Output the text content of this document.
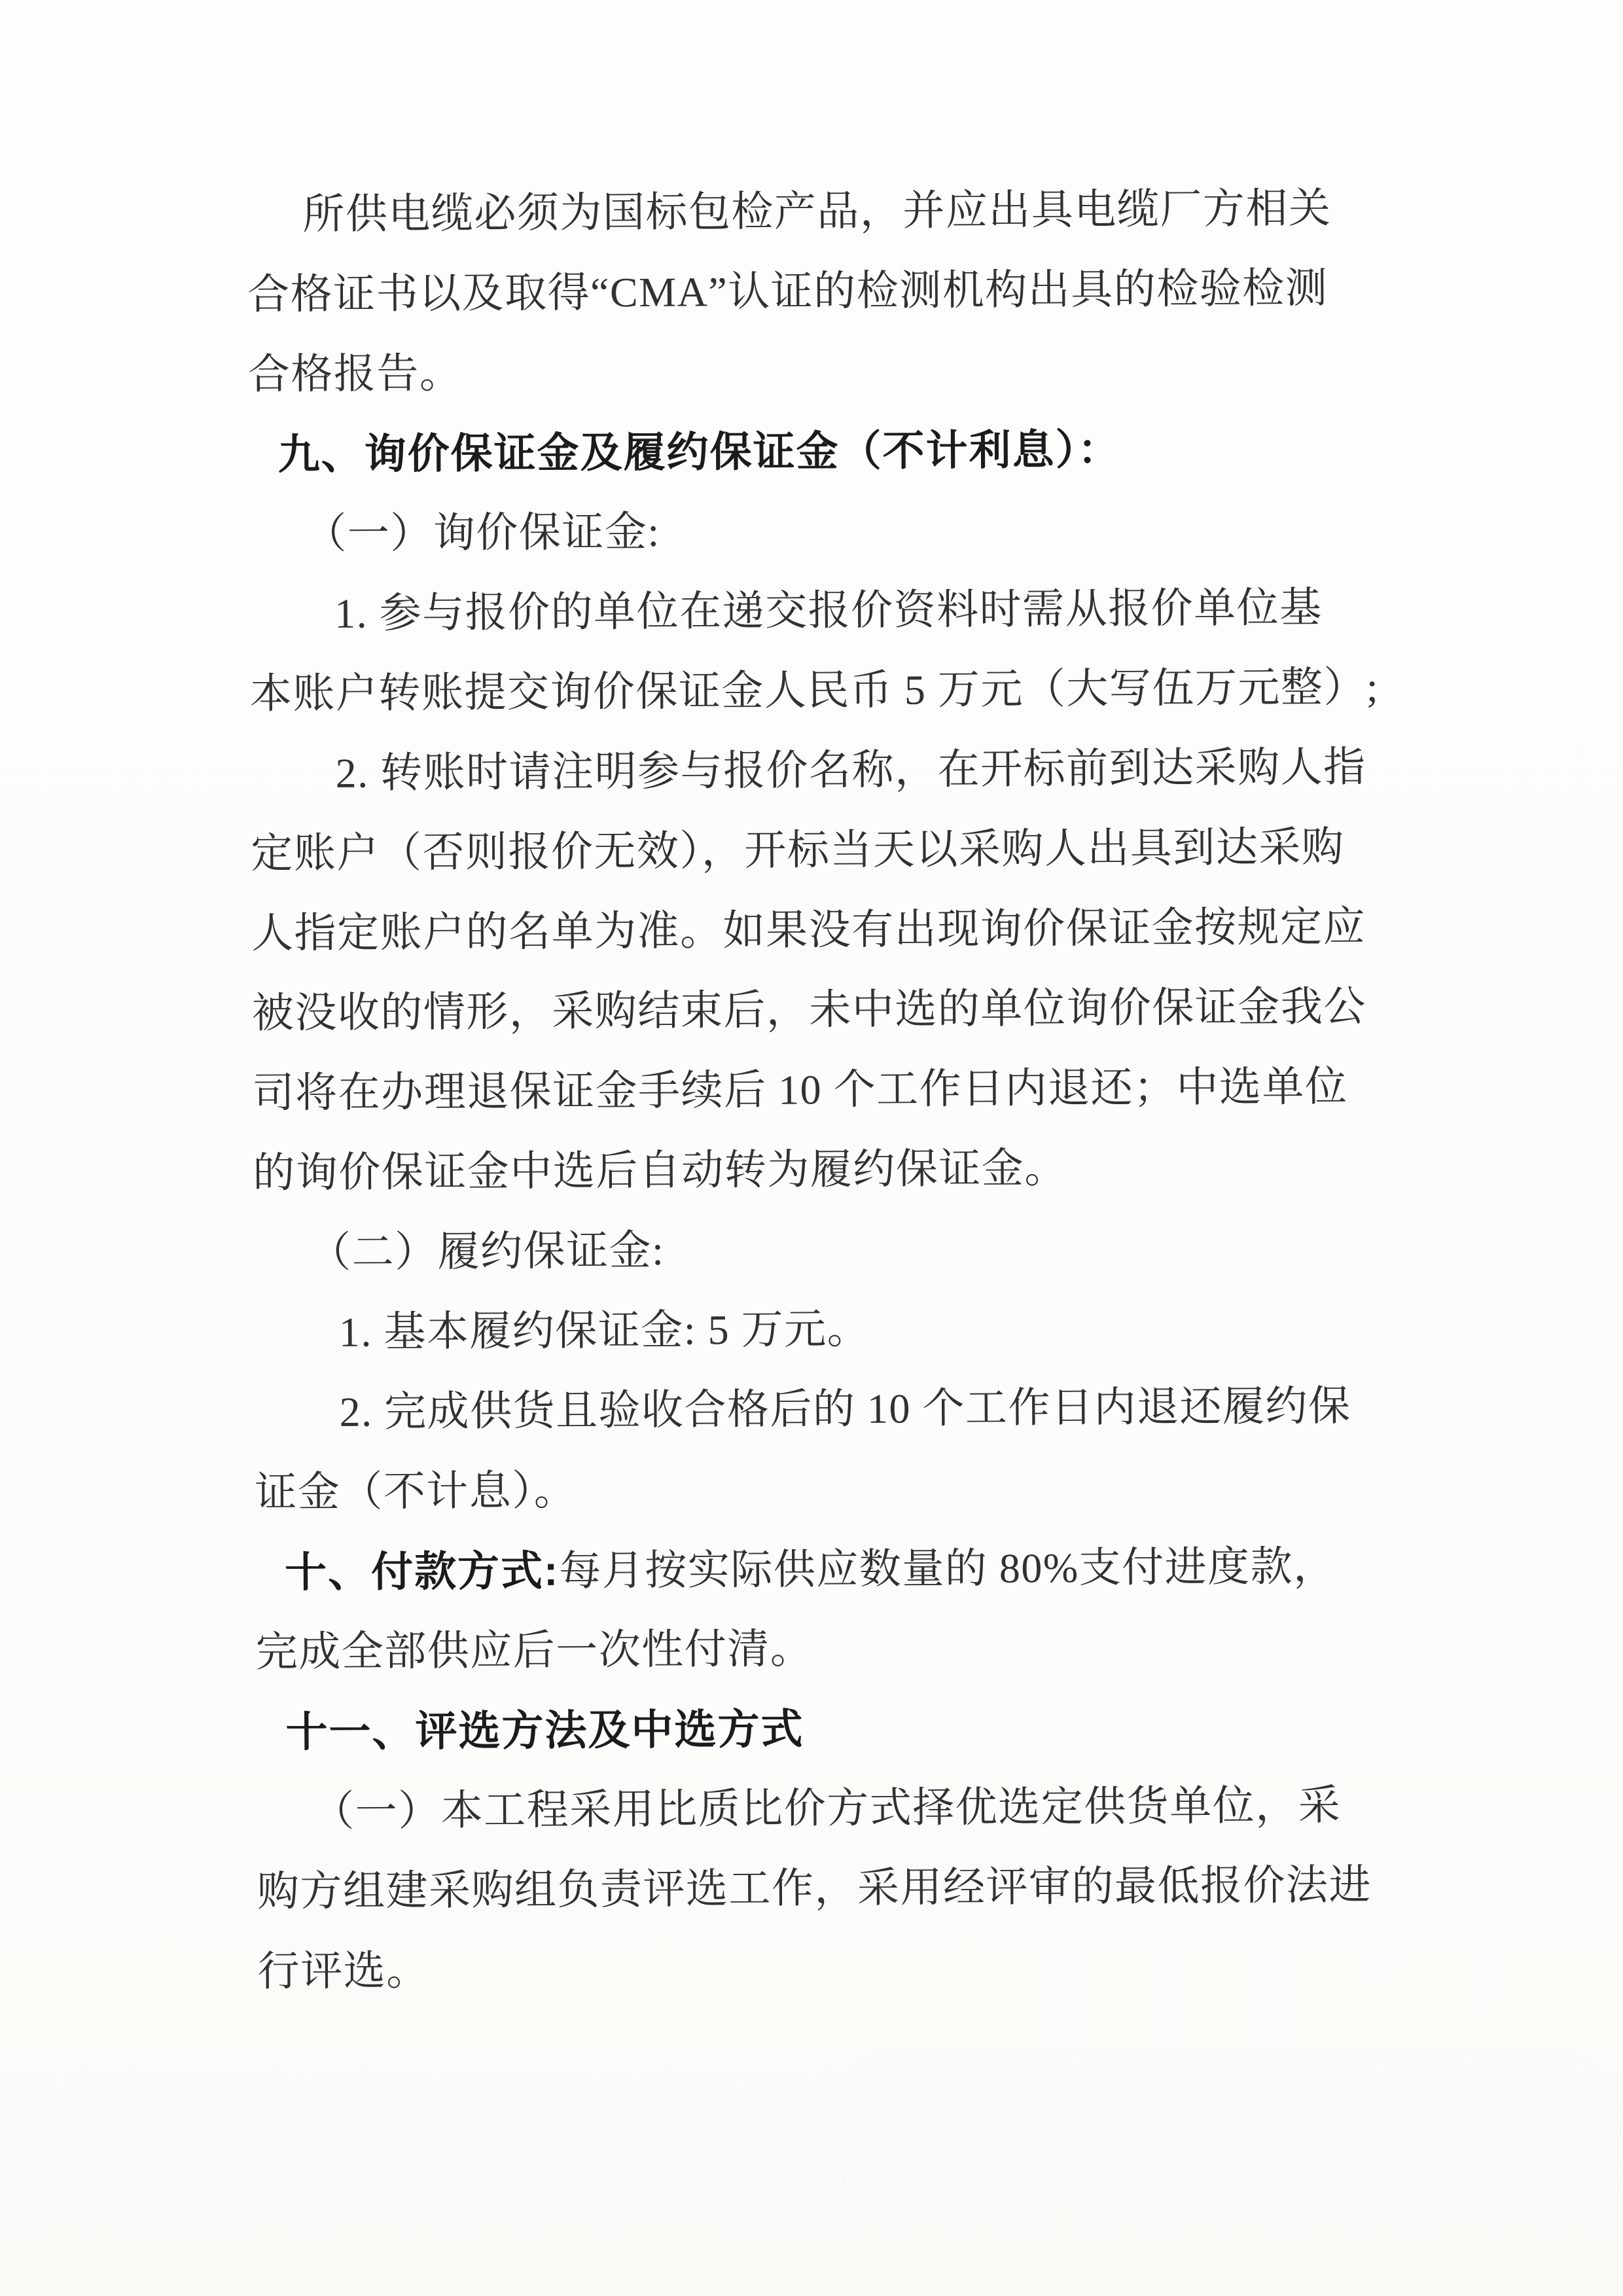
所供电缆必须为国标包检产品，并应出具电缆厂方相关
合格证书以及取得“CMA”认证的检测机构出具的检验检测
合格报告。
九、询价保证金及履约保证金（不计利息）：
（一）询价保证金:
1. 参与报价的单位在递交报价资料时需从报价单位基
本账户转账提交询价保证金人民币 5 万元（大写伍万元整）;
2. 转账时请注明参与报价名称，在开标前到达采购人指
定账户（否则报价无效），开标当天以采购人出具到达采购
人指定账户的名单为准。如果没有出现询价保证金按规定应
被没收的情形，采购结束后，未中选的单位询价保证金我公
司将在办理退保证金手续后 10 个工作日内退还；中选单位
的询价保证金中选后自动转为履约保证金。
（二）履约保证金:
1. 基本履约保证金: 5 万元。
2. 完成供货且验收合格后的 10 个工作日内退还履约保
证金（不计息）。
十、付款方式:每月按实际供应数量的 80%支付进度款，
完成全部供应后一次性付清。
十一、评选方法及中选方式
（一）本工程采用比质比价方式择优选定供货单位，采
购方组建采购组负责评选工作，采用经评审的最低报价法进
行评选。
